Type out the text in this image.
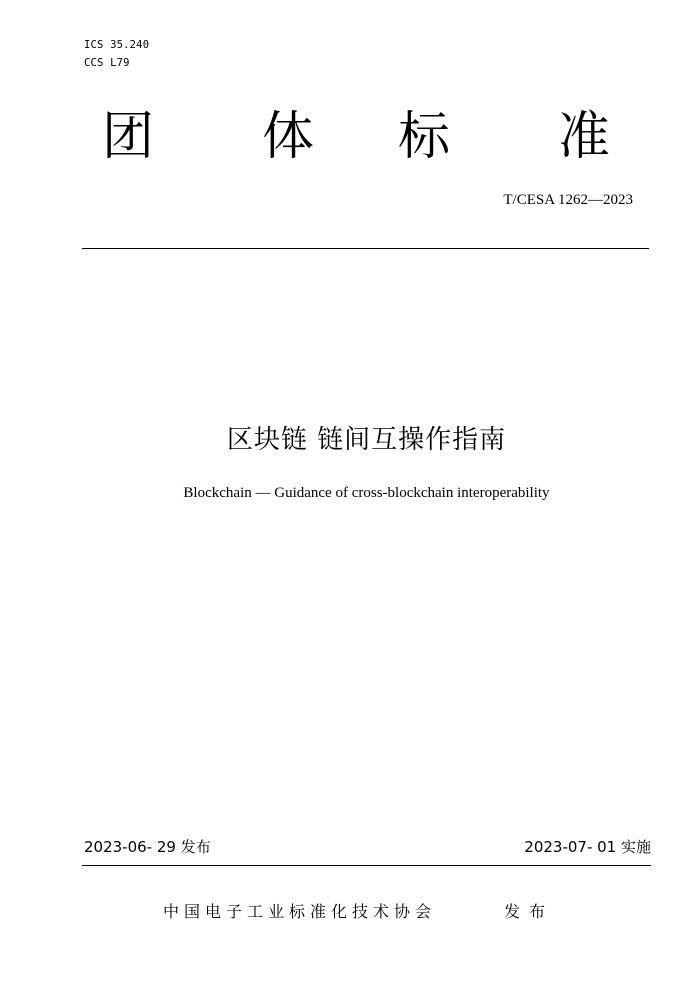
ICS 35.240
CCS L79
团 体 标 准
T/CESA 1262—2023
区块链 链间互操作指南
Blockchain — Guidance of cross-blockchain interoperability
2023-06- 29 发布	2023-07- 01 实施
中国电子工业标准化技术协会	发布
